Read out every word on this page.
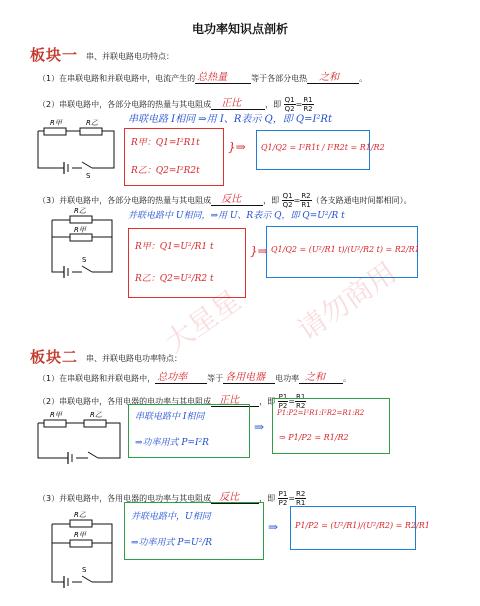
电功率知识点剖析
板块一 串、并联电路电功特点：
（1）在串联电路和并联电路中，电流产生的 总热量	等于各部分电热 之和	。
（2）串联电路中，各部分电路的热量与其电阻成 正比	，即 $\frac{Q1}{Q2} = \frac{R1}{R2}$
串联电路 I相同 ⇒用 I、R表示 Q，即 Q=I²Rt
R甲	R乙
S
R甲：Q1=I²R1t
R乙：Q2=I²R2t
}⇒ Q1/Q2 = I²R1t / I²R2t = R1/R2
（3）并联电路中，各部分电路的热量与其电阻成 反比	，即 $\frac{Q1}{Q2} = \frac{R2}{R1}$ （各支路通电时间都相同）。
并联电路中 U相同，⇒用 U、R表示 Q，即 Q=U²/R t
R乙
R甲
S
R甲：Q1=U²/R1 t
R乙：Q2=U²/R2 t
}⇒ Q1/Q2 = (U²/R1 t)/(U²/R2 t) = R2/R1
板块二 串、并联电路电功率特点：
（1）在串联电路和并联电路中， 总功率	等于 各用电器 电功率 之和 。
（2）串联电路中，各用电器的电功率与其电阻成 正比	，即 $\frac{P1}{P2} = \frac{R1}{R2}$
R甲	R乙	串联电路中 I相同
⇒功率用式 P=I²R
⇒
P1:P2=I²R1:I²R2=R1:R2
⇒ P1/P2 = R1/R2
（3）并联电路中，各用电器的电功率与其电阻成 反比	，即 $\frac{P1}{P2} = \frac{R2}{R1}$
R乙
R甲
S
并联电路中，U相同
⇒功率用式 P=U²/R
⇒ P1/P2 = (U²/R1)/(U²/R2) = R2/R1
大星星 请勿商用
